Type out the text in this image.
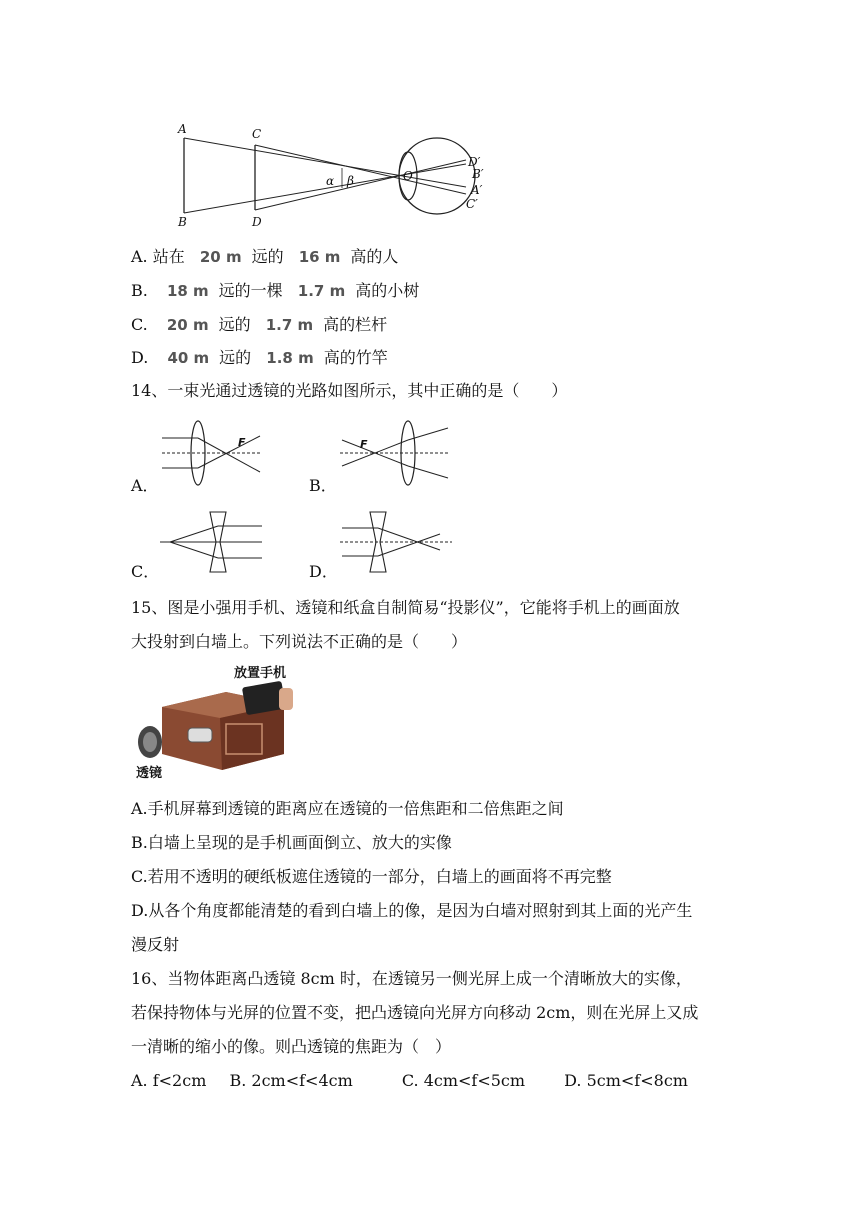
A
B
C
D
D′
B′
A′
C′
O
α β
A. 站在 20 m 远的 16 m 高的人
B. 18 m 远的一棵 1.7 m 高的小树
C. 20 m 远的 1.7 m 高的栏杆
D. 40 m 远的 1.8 m 高的竹竿
14、一束光通过透镜的光路如图所示，其中正确的是（　　）
F
A．
F
B．
C．	D．
15、图是小强用手机、透镜和纸盒自制简易“投影仪”，它能将手机上的画面放
大投射到白墙上。下列说法不正确的是（　　）
放置手机
透镜
A.手机屏幕到透镜的距离应在透镜的一倍焦距和二倍焦距之间
B.白墙上呈现的是手机画面倒立、放大的实像
C.若用不透明的硬纸板遮住透镜的一部分，白墙上的画面将不再完整
D.从各个角度都能清楚的看到白墙上的像，是因为白墙对照射到其上面的光产生
漫反射
16、当物体距离凸透镜 8cm 时，在透镜另一侧光屏上成一个清晰放大的实像，
若保持物体与光屏的位置不变，把凸透镜向光屏方向移动 2cm，则在光屏上又成
一清晰的缩小的像。则凸透镜的焦距为（　）
A. f<2cm B. 2cm<f<4cm	C. 4cm<f<5cm D. 5cm<f<8cm
